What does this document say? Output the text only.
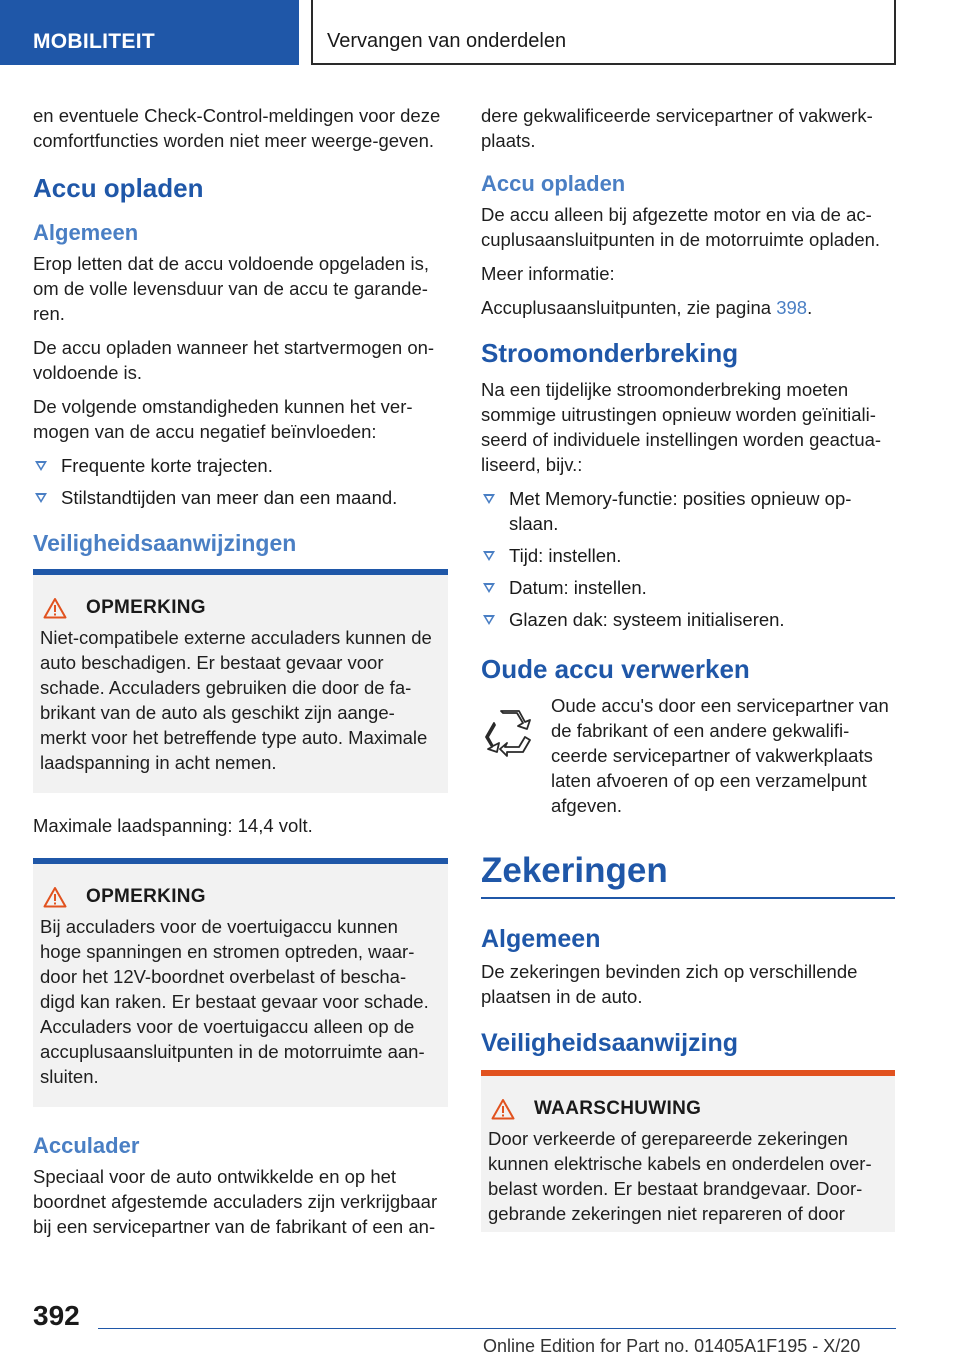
MOBILITEIT	Vervangen van onderdelen

en eventuele Check-Control-meldingen voor deze comfortfuncties worden niet meer weerge-geven.

Accu opladen
Algemeen

Erop letten dat de accu voldoende opgeladen is, om de volle levensduur van de accu te garande-ren.

De accu opladen wanneer het startvermogen on-voldoende is.

De volgende omstandigheden kunnen het ver-mogen van de accu negatief beïnvloeden:

Frequente korte trajecten.
Stilstandtijden van meer dan een maand.
Veiligheidsaanwijzingen
OPMERKING

Niet-compatibele externe acculaders kunnen de auto beschadigen. Er bestaat gevaar voor schade. Acculaders gebruiken die door de fa-brikant van de auto als geschikt zijn aange-merkt voor het betreffende type auto. Maximale laadspanning in acht nemen.

Maximale laadspanning: 14,4 volt.

OPMERKING

Bij acculaders voor de voertuigaccu kunnen hoge spanningen en stromen optreden, waar-door het 12V-boordnet overbelast of bescha-digd kan raken. Er bestaat gevaar voor schade. Acculaders voor de voertuigaccu alleen op de accuplusaansluitpunten in de motorruimte aan-sluiten.

Acculader

Speciaal voor de auto ontwikkelde en op het boordnet afgestemde acculaders zijn verkrijgbaar bij een servicepartner van de fabrikant of een an-

dere gekwalificeerde servicepartner of vakwerk-plaats.

Accu opladen

De accu alleen bij afgezette motor en via de ac-cuplusaansluitpunten in de motorruimte opladen.

Meer informatie:

Accuplusaansluitpunten, zie pagina 398.

Stroomonderbreking

Na een tijdelijke stroomonderbreking moeten sommige uitrustingen opnieuw worden geïnitiali-seerd of individuele instellingen worden geactua-liseerd, bijv.:

Met Memory-functie: posities opnieuw op-slaan.
Tijd: instellen.
Datum: instellen.
Glazen dak: systeem initialiseren.
Oude accu verwerken

Oude accu's door een servicepartner van de fabrikant of een andere gekwalifi-ceerde servicepartner of vakwerkplaats laten afvoeren of op een verzamelpunt afgeven.

Zekeringen
Algemeen

De zekeringen bevinden zich op verschillende plaatsen in de auto.

Veiligheidsaanwijzing
WAARSCHUWING

Door verkeerde of gerepareerde zekeringen kunnen elektrische kabels en onderdelen over-belast worden. Er bestaat brandgevaar. Door-gebrande zekeringen niet repareren of door

392
Online Edition for Part no. 01405A1F195 - X/20
